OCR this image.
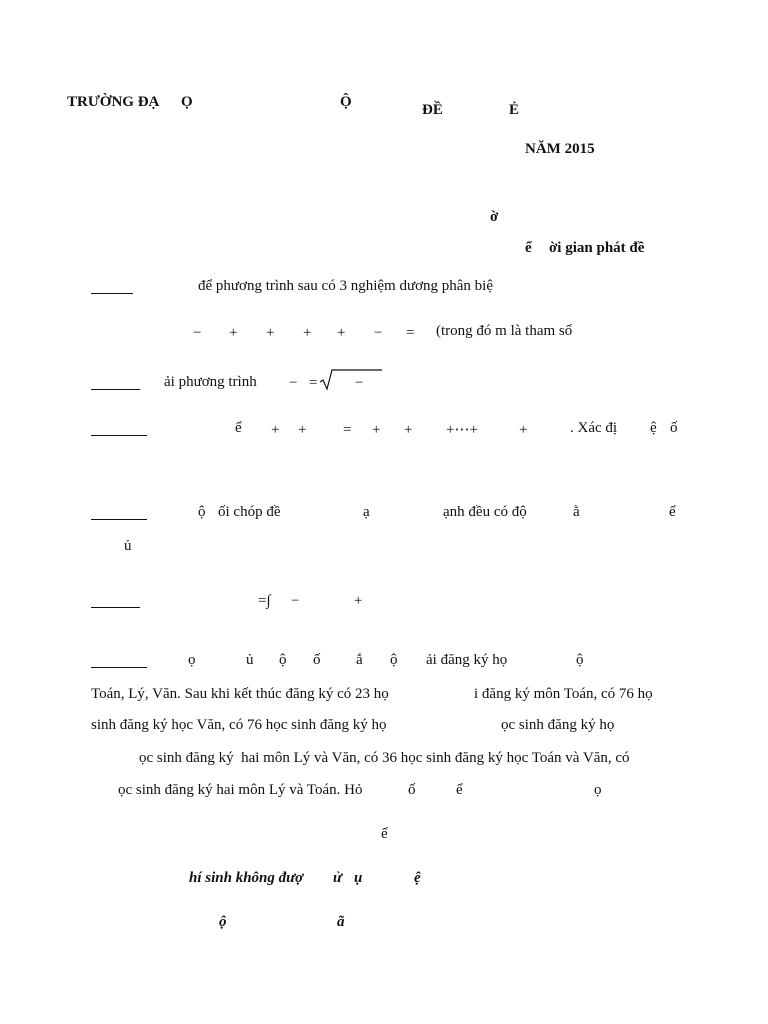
TRƯỜNG ĐẠ Ọ	Ộ	ĐỀ	Ẻ
NĂM 2015
ờ
ể ời gian phát đề
để phương trình sau có 3 nghiệm dương phân biệ
− + + + + − = (trong đó m là tham số
ải phương trình − =	−
ể + + = + + +⋯+	+	. Xác đị ệ ố
ộ ối chóp đề	ạ	ạnh đều có độ	ằ	ể
ủ
=∫ −	+
ọ	ủ ộ ố ắ ộ ải đăng ký họ	ộ
Toán, Lý, Văn. Sau khi kết thúc đăng ký có 23 họ	i đăng ký môn Toán, có 76 họ
sinh đăng ký học Văn, có 76 học sinh đăng ký họ	ọc sinh đăng ký họ
ọc sinh đăng ký  hai môn Lý và Văn, có 36 học sinh đăng ký học Toán và Văn, có
ọc sinh đăng ký hai môn Lý và Toán. Hỏ	ố	ể	ọ
ế
hí sinh không đượ ử ụ	ệ
ộ	ã
